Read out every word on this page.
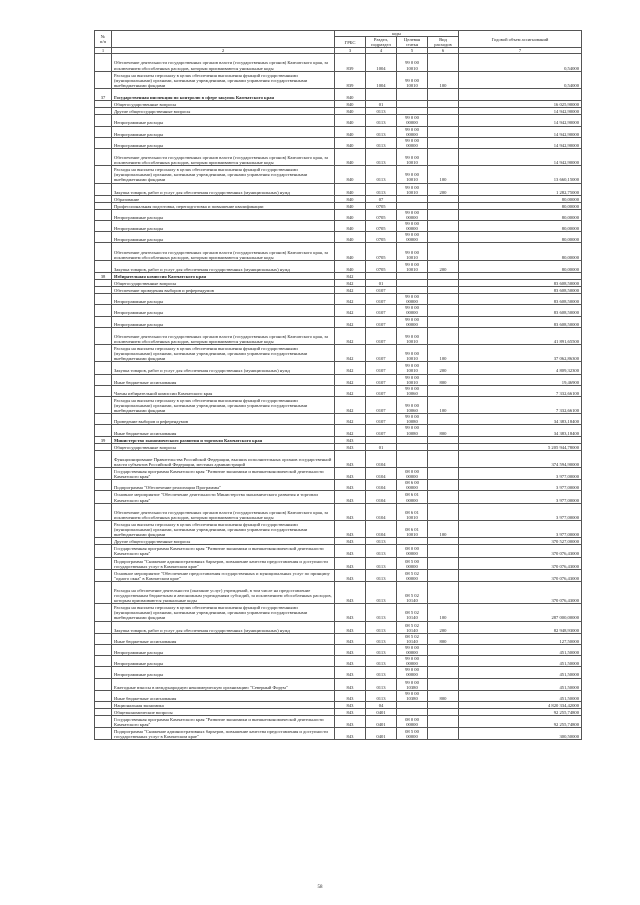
№
п/п		коды				Годовой объем ассигнований
		ГРБС	Раздел, подраздел	Целевая статья	Вид расходов	
1	2	3	4	5	6	7
	Обеспечение деятельности государственных органов власти (государственных органов) Камчатского края, за исключением обособленных расходов, которым присваиваются уникальные коды	839	1004	99 0 00 10010		0,54000
	Расходы на выплаты персоналу в целях обеспечения выполнения функций государственными (муниципальными) органами, казенными учреждениями, органами управления государственными внебюджетными фондами	839	1004	99 0 00 10010	100	0,54000
37	Государственная инспекция по контролю в сфере закупок Камчатского края	840				
	Общегосударственные вопросы	840	01			16 025,90000
	Другие общегосударственные вопросы	840	0113			14 942,90000
	Непрограммные расходы	840	0113	99 0 00 00000		14 942,90000
	Непрограммные расходы	840	0113	99 0 00 00000		14 942,90000
	Непрограммные расходы	840	0113	99 0 00 00000		14 942,90000
	Обеспечение деятельности государственных органов власти (государственных органов) Камчатского края, за исключением обособленных расходов, которым присваиваются уникальные коды	840	0113	99 0 00 10010		14 942,90000
	Расходы на выплаты персоналу в целях обеспечения выполнения функций государственными (муниципальными) органами, казенными учреждениями, органами управления государственными внебюджетными фондами	840	0113	99 0 00 10010	100	13 660,15000
	Закупка товаров, работ и услуг для обеспечения государственных (муниципальных) нужд	840	0113	99 0 00 10010	200	1 282,75000
	Образование	840	07			80,00000
	Профессиональная подготовка, переподготовка и повышение квалификации	840	0705			80,00000
	Непрограммные расходы	840	0705	99 0 00 00000		80,00000
	Непрограммные расходы	840	0705	99 0 00 00000		80,00000
	Непрограммные расходы	840	0705	99 0 00 00000		80,00000
	Обеспечение деятельности государственных органов власти (государственных органов) Камчатского края, за исключением обособленных расходов, которым присваиваются уникальные коды	840	0705	99 0 00 10010		80,00000
	Закупка товаров, работ и услуг для обеспечения государственных (муниципальных) нужд	840	0705	99 0 00 10010	200	80,00000
38	Избирательная комиссия Камчатского края	842				
	Общегосударственные вопросы	842	01			83 608,50000
	Обеспечение проведения выборов и референдумов	842	0107			83 608,50000
	Непрограммные расходы	842	0107	99 0 00 00000		83 608,50000
	Непрограммные расходы	842	0107	99 0 00 00000		83 608,50000
	Непрограммные расходы	842	0107	99 0 00 00000		83 608,50000
	Обеспечение деятельности государственных органов власти (государственных органов) Камчатского края, за исключением обособленных расходов, которым присваиваются уникальные коды	842	0107	99 0 00 10010		41 891,65500
	Расходы на выплаты персоналу в целях обеспечения выполнения функций государственными (муниципальными) органами, казенными учреждениями, органами управления государственными внебюджетными фондами	842	0107	99 0 00 10010	100	37 062,86300
	Закупка товаров, работ и услуг для обеспечения государственных (муниципальных) нужд	842	0107	99 0 00 10010	200	4 809,32300
	Иные бюджетные ассигнования	842	0107	99 0 00 10010	800	19,46900
	Члены избирательной комиссии Камчатского края	842	0107	99 0 00 10060		7 332,66100
	Расходы на выплаты персоналу в целях обеспечения выполнения функций государственными (муниципальными) органами, казенными учреждениями, органами управления государственными внебюджетными фондами	842	0107	99 0 00 10060	100	7 332,66100
	Проведение выборов и референдумов	842	0107	99 0 00 10080		34 383,18400
	Иные бюджетные ассигнования	842	0107	99 0 00 10080	800	34 383,18400
39	Министерство экономического развития и торговли Камчатского края	843				
	Общегосударственные вопросы	843	01			5 205 944,78000
	Функционирование Правительства Российской Федерации, высших исполнительных органов государственной власти субъектов Российской Федерации, местных администраций	843	0104			374 594,90000
	Государственная программа Камчатского края "Развитие экономики и внешнеэкономической деятельности Камчатского края"	843	0104	08 0 00 00000		3 977,00000
	Подпрограмма "Обеспечение реализации Программы"	843	0104	08 6 00 00000		3 977,00000
	Основное мероприятие "Обеспечение деятельности Министерства экономического развития и торговли Камчатского края"	843	0104	08 6 01 00000		3 977,00000
	Обеспечение деятельности государственных органов власти (государственных органов) Камчатского края, за исключением обособленных расходов, которым присваиваются уникальные коды	843	0104	08 6 01 10010		3 977,00000
	Расходы на выплаты персоналу в целях обеспечения выполнения функций государственными (муниципальными) органами, казенными учреждениями, органами управления государственными внебюджетными фондами	843	0104	08 6 01 10010	100	3 977,00000
	Другие общегосударственные вопросы	843	0113			370 527,00000
	Государственная программа Камчатского края "Развитие экономики и внешнеэкономической деятельности Камчатского края"	843	0113	08 0 00 00000		370 076,43000
	Подпрограмма "Снижение административных барьеров, повышение качества предоставления и доступности государственных услуг в Камчатском крае"	843	0113	08 5 00 00000		370 076,43000
	Основное мероприятие "Обеспечение предоставления государственных и муниципальных услуг по принципу "одного окна" в Камчатском крае"	843	0113	08 5 02 00000		370 076,43000
	Расходы на обеспечение деятельности (оказание услуг) учреждений, в том числе на предоставление государственным бюджетным и автономным учреждениям субсидий, за исключением обособленных расходов, которым присваиваются уникальные коды	843	0113	08 5 02 10140		370 076,43000
	Расходы на выплаты персоналу в целях обеспечения выполнения функций государственными (муниципальными) органами, казенными учреждениями, органами управления государственными внебюджетными фондами	843	0113	08 5 02 10140	100	287 000,00000
	Закупка товаров, работ и услуг для обеспечения государственных (муниципальных) нужд	843	0113	08 5 02 10140	200	82 948,93000
	Иные бюджетные ассигнования	843	0113	08 5 02 10140	800	127,50000
	Непрограммные расходы	843	0113	99 0 00 00000		451,50000
	Непрограммные расходы	843	0113	99 0 00 00000		451,50000
	Непрограммные расходы	843	0113	99 0 00 00000		451,50000
	Ежегодные взносы в международную некоммерческую организацию "Северный Форум"	843	0113	99 0 00 10380		451,50000
	Иные бюджетные ассигнования	843	0113	99 0 00 10380	800	451,50000
	Национальная экономика	843	04			4 820 334,42000
	Общеэкономические вопросы	843	0401			92 255,74800
	Государственная программа Камчатского края "Развитие экономики и внешнеэкономической деятельности Камчатского края"	843	0401	08 0 00 00000		92 255,74800
	Подпрограмма "Снижение административных барьеров, повышение качества предоставления и доступности государственных услуг в Камчатском крае"	843	0401	08 5 00 00000		300,50000
58
